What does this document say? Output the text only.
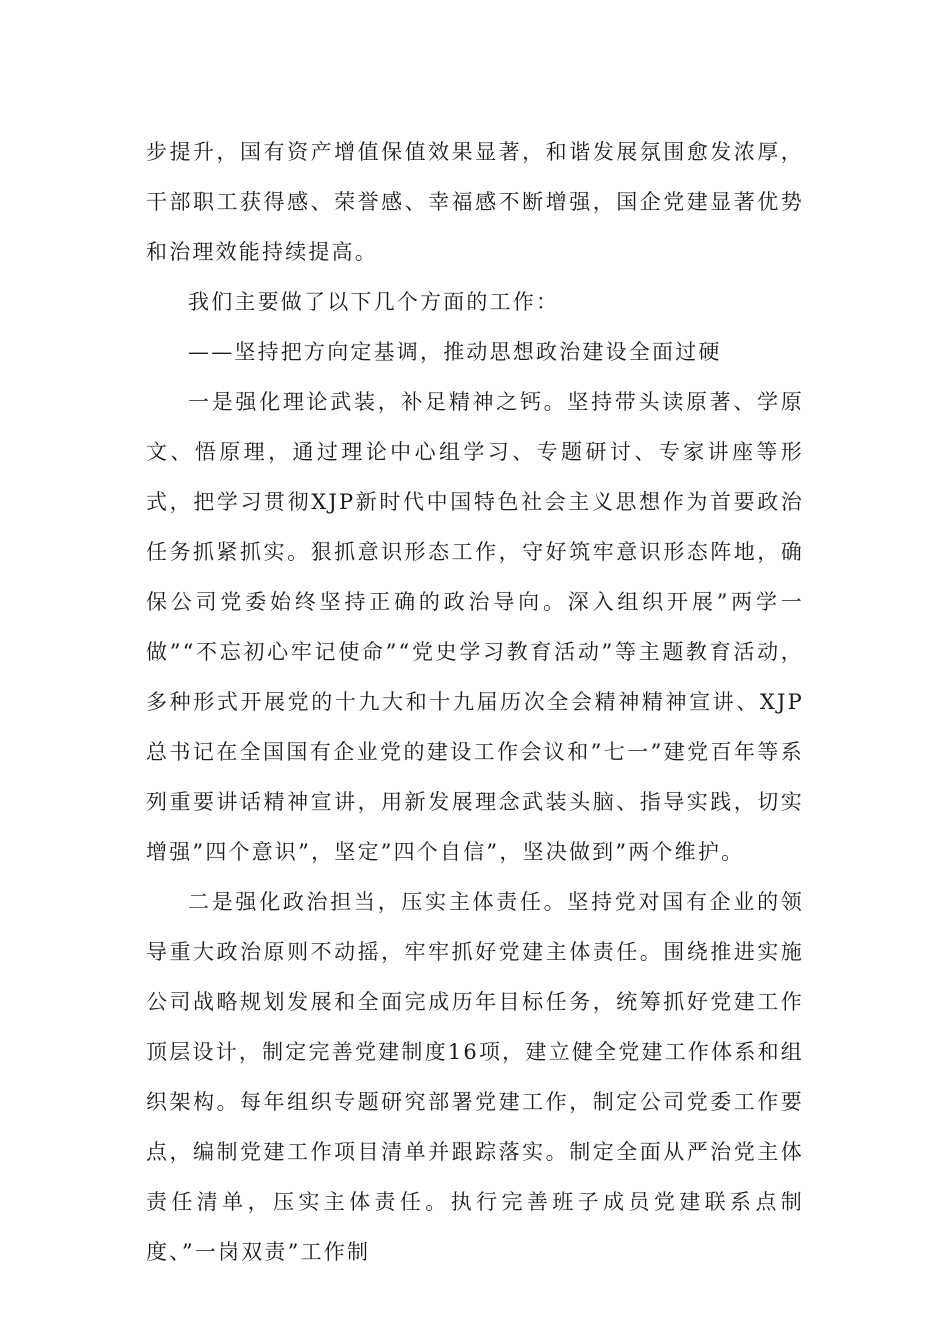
步提升，国有资产增值保值效果显著，和谐发展氛围愈发浓厚，干部职工获得感、荣誉感、幸福感不断增强，国企党建显著优势和治理效能持续提高。

我们主要做了以下几个方面的工作：

——坚持把方向定基调，推动思想政治建设全面过硬

一是强化理论武装，补足精神之钙。坚持带头读原著、学原文、悟原理，通过理论中心组学习、专题研讨、专家讲座等形式，把学习贯彻XJP新时代中国特色社会主义思想作为首要政治任务抓紧抓实。狠抓意识形态工作，守好筑牢意识形态阵地，确保公司党委始终坚持正确的政治导向。深入组织开展”两学一做”“不忘初心牢记使命”“党史学习教育活动”等主题教育活动，多种形式开展党的十九大和十九届历次全会精神精神宣讲、XJP总书记在全国国有企业党的建设工作会议和”七一”建党百年等系列重要讲话精神宣讲，用新发展理念武装头脑、指导实践，切实增强”四个意识”，坚定”四个自信”，坚决做到”两个维护。

二是强化政治担当，压实主体责任。坚持党对国有企业的领导重大政治原则不动摇，牢牢抓好党建主体责任。围绕推进实施公司战略规划发展和全面完成历年目标任务，统筹抓好党建工作顶层设计，制定完善党建制度16项，建立健全党建工作体系和组织架构。每年组织专题研究部署党建工作，制定公司党委工作要点，编制党建工作项目清单并跟踪落实。制定全面从严治党主体责任清单，压实主体责任。执行完善班子成员党建联系点制度、”一岗双责”工作制
